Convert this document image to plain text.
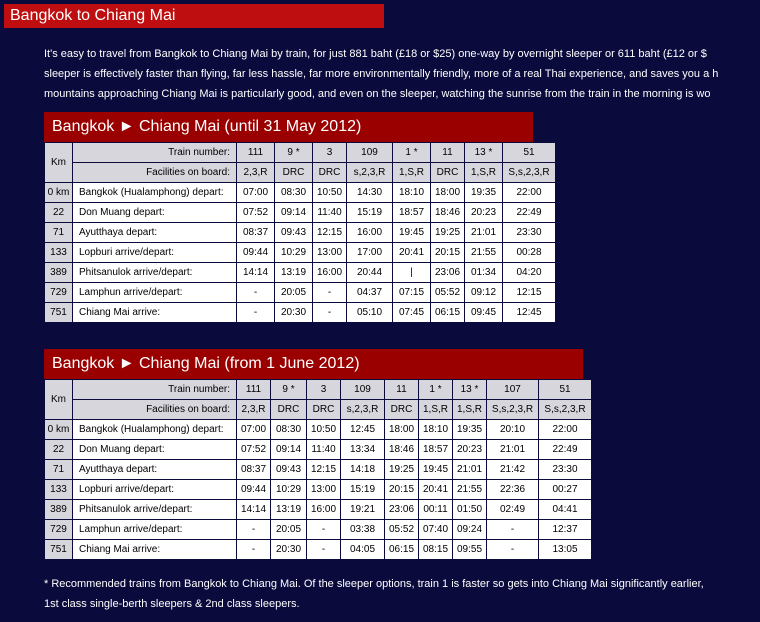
Bangkok to Chiang Mai
It's easy to travel from Bangkok to Chiang Mai by train, for just 881 baht (£18 or $25) one-way by overnight sleeper or 611 baht (£12 or $
sleeper is effectively faster than flying, far less hassle, far more environmentally friendly, more of a real Thai experience, and saves you a h
mountains approaching Chiang Mai is particularly good, and even on the sleeper, watching the sunrise from the train in the morning is wo
Bangkok ► Chiang Mai (until 31 May 2012)
Km	Train number:	111	9 *	3	109	1 *	11	13 *	51
	Facilities on board:	2,3,R	DRC	DRC	s,2,3,R	1,S,R	DRC	1,S,R	S,s,2,3,R
0 km	Bangkok (Hualamphong) depart:	07:00	08:30	10:50	14:30	18:10	18:00	19:35	22:00
22	Don Muang depart:	07:52	09:14	11:40	15:19	18:57	18:46	20:23	22:49
71	Ayutthaya depart:	08:37	09:43	12:15	16:00	19:45	19:25	21:01	23:30
133	Lopburi arrive/depart:	09:44	10:29	13:00	17:00	20:41	20:15	21:55	00:28
389	Phitsanulok arrive/depart:	14:14	13:19	16:00	20:44	|	23:06	01:34	04:20
729	Lamphun arrive/depart:	-	20:05	-	04:37	07:15	05:52	09:12	12:15
751	Chiang Mai arrive:	-	20:30	-	05:10	07:45	06:15	09:45	12:45
Bangkok ► Chiang Mai (from 1 June 2012)
Km	Train number:	111	9 *	3	109	11	1 *	13 *	107	51
	Facilities on board:	2,3,R	DRC	DRC	s,2,3,R	DRC	1,S,R	1,S,R	S,s,2,3,R	S,s,2,3,R
0 km	Bangkok (Hualamphong) depart:	07:00	08:30	10:50	12:45	18:00	18:10	19:35	20:10	22:00
22	Don Muang depart:	07:52	09:14	11:40	13:34	18:46	18:57	20:23	21:01	22:49
71	Ayutthaya depart:	08:37	09:43	12:15	14:18	19:25	19:45	21:01	21:42	23:30
133	Lopburi arrive/depart:	09:44	10:29	13:00	15:19	20:15	20:41	21:55	22:36	00:27
389	Phitsanulok arrive/depart:	14:14	13:19	16:00	19:21	23:06	00:11	01:50	02:49	04:41
729	Lamphun arrive/depart:	-	20:05	-	03:38	05:52	07:40	09:24	-	12:37
751	Chiang Mai arrive:	-	20:30	-	04:05	06:15	08:15	09:55	-	13:05
* Recommended trains from Bangkok to Chiang Mai. Of the sleeper options, train 1 is faster so gets into Chiang Mai significantly earlier,
1st class single-berth sleepers & 2nd class sleepers.
